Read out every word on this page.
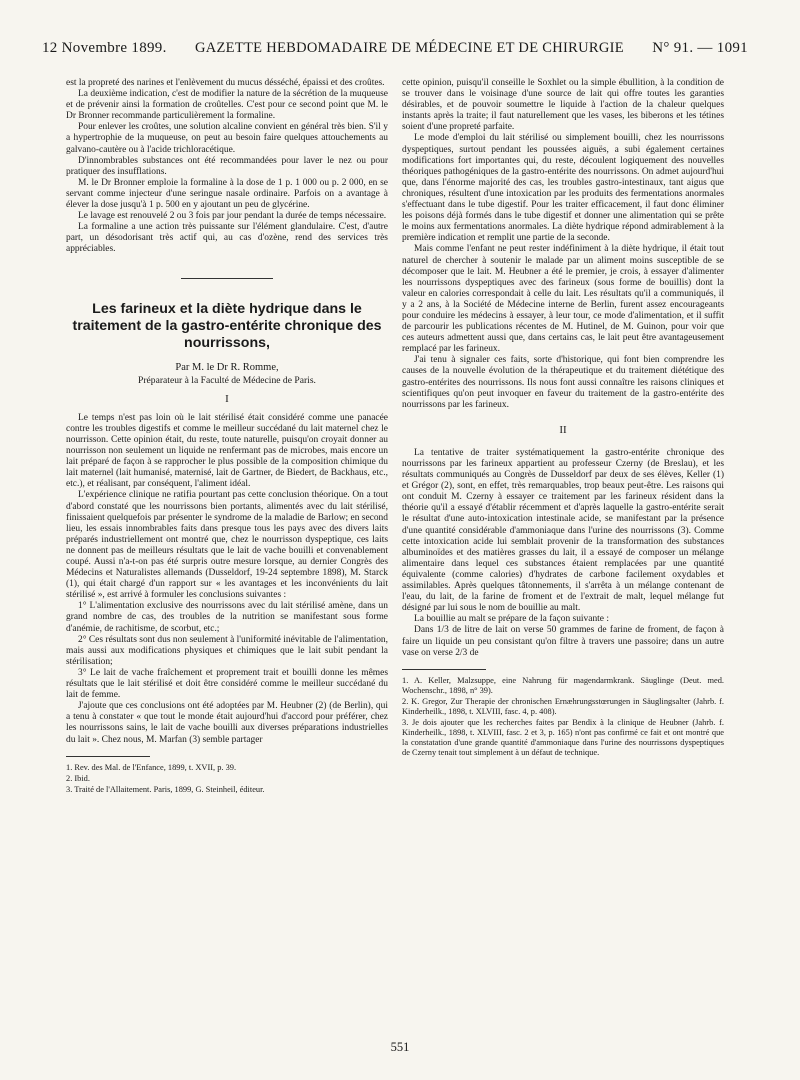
12 Novembre 1899. GAZETTE HEBDOMADAIRE DE MÉDECINE ET DE CHIRURGIE N° 91. — 1091

est la propreté des narines et l'enlèvement du mucus désséché, épaissi et des croûtes.

La deuxième indication, c'est de modifier la nature de la sécrétion de la muqueuse et de prévenir ainsi la formation de croûtelles. C'est pour ce second point que M. le Dr Bronner recommande particulièrement la formaline.

Pour enlever les croûtes, une solution alcaline convient en général très bien. S'il y a hypertrophie de la muqueuse, on peut au besoin faire quelques attouchements au galvano-cautère ou à l'acide trichloracétique.

D'innombrables substances ont été recommandées pour laver le nez ou pour pratiquer des insufflations.

M. le Dr Bronner emploie la formaline à la dose de 1 p. 1 000 ou p. 2 000, en se servant comme injecteur d'une seringue nasale ordinaire. Parfois on a avantage à élever la dose jusqu'à 1 p. 500 en y ajoutant un peu de glycérine.

Le lavage est renouvelé 2 ou 3 fois par jour pendant la durée de temps nécessaire.

La formaline a une action très puissante sur l'élément glandulaire. C'est, d'autre part, un désodorisant très actif qui, au cas d'ozène, rend des services très appréciables.

Les farineux et la diète hydrique dans le traitement de la gastro-entérite chronique des nourrissons,
Par M. le Dr R. Romme,
Préparateur à la Faculté de Médecine de Paris.
I

Le temps n'est pas loin où le lait stérilisé était considéré comme une panacée contre les troubles digestifs et comme le meilleur succédané du lait maternel chez le nourrisson. Cette opinion était, du reste, toute naturelle, puisqu'on croyait donner au nourrisson non seulement un liquide ne renfermant pas de microbes, mais encore un lait préparé de façon à se rapprocher le plus possible de la composition chimique du lait maternel (lait humanisé, maternisé, lait de Gartner, de Biedert, de Backhaus, etc., etc.), et réalisant, par conséquent, l'aliment idéal.

L'expérience clinique ne ratifia pourtant pas cette conclusion théorique. On a tout d'abord constaté que les nourrissons bien portants, alimentés avec du lait stérilisé, finissaient quelquefois par présenter le syndrome de la maladie de Barlow; en second lieu, les essais innombrables faits dans presque tous les pays avec des divers laits préparés industriellement ont montré que, chez le nourrisson dyspeptique, ces laits ne donnent pas de meilleurs résultats que le lait de vache bouilli et convenablement coupé. Aussi n'a-t-on pas été surpris outre mesure lorsque, au dernier Congrès des Médecins et Naturalistes allemands (Dusseldorf, 19-24 septembre 1898), M. Starck (1), qui était chargé d'un rapport sur « les avantages et les inconvénients du lait stérilisé », est arrivé à formuler les conclusions suivantes :

1° L'alimentation exclusive des nourrissons avec du lait stérilisé amène, dans un grand nombre de cas, des troubles de la nutrition se manifestant sous forme d'anémie, de rachitisme, de scorbut, etc.;

2° Ces résultats sont dus non seulement à l'uniformité inévitable de l'alimentation, mais aussi aux modifications physiques et chimiques que le lait subit pendant la stérilisation;

3° Le lait de vache fraîchement et proprement trait et bouilli donne les mêmes résultats que le lait stérilisé et doit être considéré comme le meilleur succédané du lait de femme.

J'ajoute que ces conclusions ont été adoptées par M. Heubner (2) (de Berlin), qui a tenu à constater « que tout le monde était aujourd'hui d'accord pour préférer, chez les nourrissons sains, le lait de vache bouilli aux diverses préparations industrielles du lait ». Chez nous, M. Marfan (3) semble partager

1. Rev. des Mal. de l'Enfance, 1899, t. XVII, p. 39.
2. Ibid.
3. Traité de l'Allaitement. Paris, 1899, G. Steinheil, éditeur.

cette opinion, puisqu'il conseille le Soxhlet ou la simple ébullition, à la condition de se trouver dans le voisinage d'une source de lait qui offre toutes les garanties désirables, et de pouvoir soumettre le liquide à l'action de la chaleur quelques instants après la traite; il faut naturellement que les vases, les biberons et les tétines soient d'une propreté parfaite.

Le mode d'emploi du lait stérilisé ou simplement bouilli, chez les nourrissons dyspeptiques, surtout pendant les poussées aiguës, a subi également certaines modifications fort importantes qui, du reste, découlent logiquement des nouvelles théoriques pathogéniques de la gastro-entérite des nourrissons. On admet aujourd'hui que, dans l'énorme majorité des cas, les troubles gastro-intestinaux, tant aigus que chroniques, résultent d'une intoxication par les produits des fermentations anormales s'effectuant dans le tube digestif. Pour les traiter efficacement, il faut donc éliminer les poisons déjà formés dans le tube digestif et donner une alimentation qui se prête le moins aux fermentations anormales. La diète hydrique répond admirablement à la première indication et remplit une partie de la seconde.

Mais comme l'enfant ne peut rester indéfiniment à la diète hydrique, il était tout naturel de chercher à soutenir le malade par un aliment moins susceptible de se décomposer que le lait. M. Heubner a été le premier, je crois, à essayer d'alimenter les nourrissons dyspeptiques avec des farineux (sous forme de bouillis) dont la valeur en calories correspondait à celle du lait. Les résultats qu'il a communiqués, il y a 2 ans, à la Société de Médecine interne de Berlin, furent assez encourageants pour conduire les médecins à essayer, à leur tour, ce mode d'alimentation, et il suffit de parcourir les publications récentes de M. Hutinel, de M. Guinon, pour voir que ces auteurs admettent aussi que, dans certains cas, le lait peut être avantageusement remplacé par les farineux.

J'ai tenu à signaler ces faits, sorte d'historique, qui font bien comprendre les causes de la nouvelle évolution de la thérapeutique et du traitement diététique des gastro-entérites des nourrissons. Ils nous font aussi connaître les raisons cliniques et scientifiques qu'on peut invoquer en faveur du traitement de la gastro-entérite des nourrissons par les farineux.

II

La tentative de traiter systématiquement la gastro-entérite chronique des nourrissons par les farineux appartient au professeur Czerny (de Breslau), et les résultats communiqués au Congrès de Dusseldorf par deux de ses élèves, Keller (1) et Grégor (2), sont, en effet, très remarquables, trop beaux peut-être. Les raisons qui ont conduit M. Czerny à essayer ce traitement par les farineux résident dans la théorie qu'il a essayé d'établir récemment et d'après laquelle la gastro-entérite serait le résultat d'une auto-intoxication intestinale acide, se manifestant par la présence d'une quantité considérable d'ammoniaque dans l'urine des nourrissons (3). Comme cette intoxication acide lui semblait provenir de la transformation des substances albuminoïdes et des matières grasses du lait, il a essayé de composer un mélange alimentaire dans lequel ces substances étaient remplacées par une quantité équivalente (comme calories) d'hydrates de carbone facilement oxydables et assimilables. Après quelques tâtonnements, il s'arrêta à un mélange contenant de l'eau, du lait, de la farine de froment et de l'extrait de malt, lequel mélange fut désigné par lui sous le nom de bouillie au malt.

La bouillie au malt se prépare de la façon suivante :

Dans 1/3 de litre de lait on verse 50 grammes de farine de froment, de façon à faire un liquide un peu consistant qu'on filtre à travers une passoire; dans un autre vase on verse 2/3 de

1. A. Keller, Malzsuppe, eine Nahrung für magendarmkrank. Säuglinge (Deut. med. Wochenschr., 1898, n° 39).
2. K. Gregor, Zur Therapie der chronischen Ernæhrungsstœrungen in Säuglingsalter (Jahrb. f. Kinderheilk., 1898, t. XLVIII, fasc. 4, p. 408).
3. Je dois ajouter que les recherches faites par Bendix à la clinique de Heubner (Jahrb. f. Kinderheilk., 1898, t. XLVIII, fasc. 2 et 3, p. 165) n'ont pas confirmé ce fait et ont montré que la constatation d'une grande quantité d'ammoniaque dans l'urine des nourrissons dyspeptiques de Czerny tenait tout simplement à un défaut de technique.
551
